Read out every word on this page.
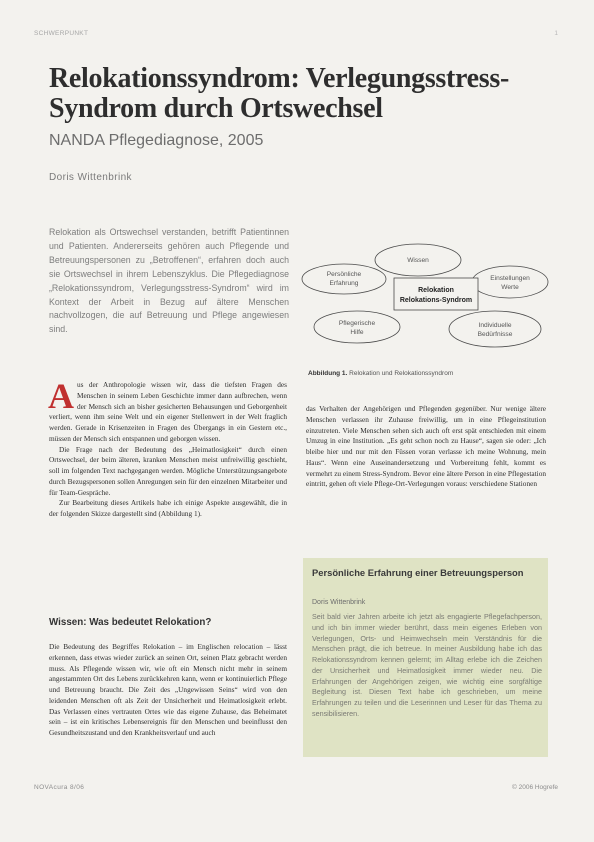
SCHWERPUNKT	1
Relokationssyndrom: Verlegungsstress-
Syndrom durch Ortswechsel
NANDA Pflegediagnose, 2005
Doris Wittenbrink
Relokation als Ortswechsel verstanden, betrifft Patientinnen und Patienten. Andererseits gehören auch Pflegende und Betreuungspersonen zu „Betroffenen“, erfahren doch auch sie Ortswechsel in ihrem Lebenszyklus. Die Pflegediagnose „Relokationssyndrom, Verlegungsstress-Syndrom“ wird im Kontext der Arbeit in Bezug auf ältere Menschen nachvollzogen, die auf Betreuung und Pflege angewiesen sind.
Wissen
Persönliche
Erfahrung
Einstellungen
Werte
Pflegerische
Hilfe
Individuelle
Bedürfnisse
Relokation
Relokations-Syndrom
Abbildung 1. Relokation und Relokationssyndrom

Aus der Anthropologie wissen wir, dass die tiefsten Fragen des Menschen in seinem Leben Geschichte immer dann aufbrechen, wenn der Mensch sich an bisher gesicherten Behausungen und Geborgenheit verliert, wenn ihm seine Welt und ein eigener Stellenwert in der Welt fraglich werden. Gerade in Krisenzeiten in Fragen des Übergangs in ein Gestern etc., müssen der Mensch sich entspannen und geborgen wissen.

Die Frage nach der Bedeutung des „Heimatlosigkeit“ durch einen Ortswechsel, der beim älteren, kranken Menschen meist unfreiwillig geschieht, soll im folgenden Text nachgegangen werden. Mögliche Unterstützungsangebote durch Bezugspersonen sollen Anregungen sein für den einzelnen Mitarbeiter und für Team-Gespräche.

Zur Bearbeitung dieses Artikels habe ich einige Aspekte ausgewählt, die in der folgenden Skizze dargestellt sind (Abbildung 1).

Wissen: Was bedeutet Relokation?

Die Bedeutung des Begriffes Relokation – im Englischen relocation – lässt erkennen, dass etwas wieder zurück an seinen Ort, seinen Platz gebracht werden muss. Als Pflegende wissen wir, wie oft ein Mensch nicht mehr in seinem angestammten Ort des Lebens zurückkehren kann, wenn er kontinuierlich Pflege und Betreuung braucht. Die Zeit des „Ungewissen Seins“ wird von den leidenden Menschen oft als Zeit der Unsicherheit und Heimatlosigkeit erlebt. Das Verlassen eines vertrauten Ortes wie das eigene Zuhause, das Beheimatet sein – ist ein kritisches Lebensereignis für den Menschen und beeinflusst den Gesundheitszustand und den Krankheitsverlauf und auch

das Verhalten der Angehörigen und Pflegenden gegenüber. Nur wenige ältere Menschen verlassen ihr Zuhause freiwillig, um in eine Pflegeinstitution einzutreten. Viele Menschen sehen sich auch oft erst spät entschieden mit einem Umzug in eine Institution. „Es geht schon noch zu Hause“, sagen sie oder: „Ich bleibe hier und nur mit den Füssen voran verlasse ich meine Wohnung, mein Haus“. Wenn eine Auseinandersetzung und Vorbereitung fehlt, kommt es vermehrt zu einem Stress-Syndrom. Bevor eine ältere Person in eine Pflegestation eintritt, gehen oft viele Pflege-Ort-Verlegungen voraus: verschiedene Stationen

Persönliche Erfahrung einer Betreuungsperson
Doris Wittenbrink
Seit bald vier Jahren arbeite ich jetzt als engagierte Pflegefachperson, und ich bin immer wieder berührt, dass mein eigenes Erleben von Verlegungen, Orts- und Heimwechseln mein Verständnis für die Menschen prägt, die ich betreue. In meiner Ausbildung habe ich das Relokationssyndrom kennen gelernt; im Alltag erlebe ich die Zeichen der Unsicherheit und Heimatlosigkeit immer wieder neu. Die Erfahrungen der Angehörigen zeigen, wie wichtig eine sorgfältige Begleitung ist. Diesen Text habe ich geschrieben, um meine Erfahrungen zu teilen und die Leserinnen und Leser für das Thema zu sensibilisieren.
NOVAcura 8/06	© 2006 Hogrefe
